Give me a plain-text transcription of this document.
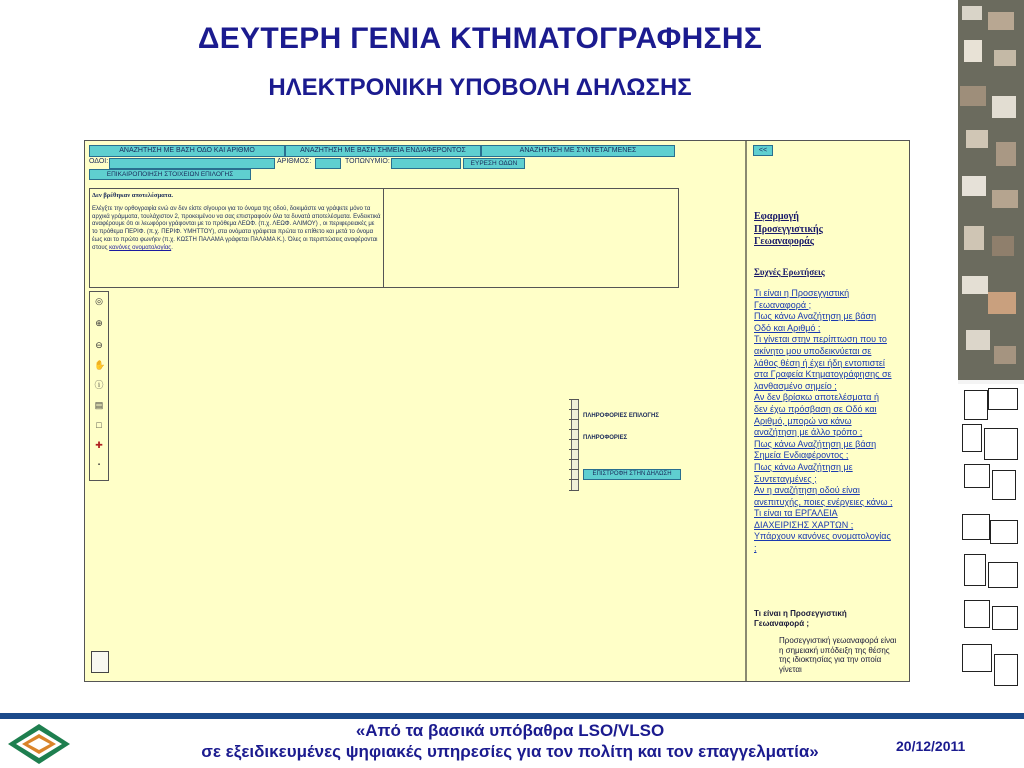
ΔΕΥΤΕΡΗ ΓΕΝΙΑ ΚΤΗΜΑΤΟΓΡΑΦΗΣΗΣ
ΗΛΕΚΤΡΟΝΙΚΗ ΥΠΟΒΟΛΗ ΔΗΛΩΣΗΣ
ΑΝΑΖΗΤΗΣΗ ΜΕ ΒΑΣΗ ΟΔΟ ΚΑΙ ΑΡΙΘΜΟ	ΑΝΑΖΗΤΗΣΗ ΜΕ ΒΑΣΗ ΣΗΜΕΙΑ ΕΝΔΙΑΦΕΡΟΝΤΟΣ	ΑΝΑΖΗΤΗΣΗ ΜΕ ΣΥΝΤΕΤΑΓΜΕΝΕΣ
ΟΔΟΙ:	ΑΡΙΘΜΟΣ:	ΤΟΠΩΝΥΜΙΟ:	ΕΥΡΕΣΗ ΟΔΩΝ
ΕΠΙΚΑΙΡΟΠΟΙΗΣΗ ΣΤΟΙΧΕΙΩΝ ΕΠΙΛΟΓΗΣ
Δεν βρέθηκαν αποτελέσματα.
Ελέγξτε την ορθογραφία ενώ αν δεν είστε σίγουροι για το όνομα της οδού, δοκιμάστε να γράψετε μόνο τα αρχικά γράμματα, τουλάχιστον 2, προκειμένου να σας επιστραφούν όλα τα δυνατά αποτελέσματα. Ενδεικτικά αναφέρουμε ότι οι λεωφόροι γράφονται με το πρόθεμα ΛΕΩΦ. (π.χ. ΛΕΩΦ. ΑΛΙΜΟΥ) , οι περιφερειακές με το πρόθεμα ΠΕΡΙΦ. (π.χ. ΠΕΡΙΦ. ΥΜΗΤΤΟΥ), στα ονόματα γράφεται πρώτα το επίθετο και μετά το όνομα έως και το πρώτο φωνήεν (π.χ. ΚΩΣΤΗ ΠΑΛΑΜΑ γράφεται ΠΑΛΑΜΑ Κ.). Όλες οι περιπτώσεις αναφέρονται στους κανόνες ονοματολογίας.
◎
⊕
⊖
✋
ⓘ
▤
□
✚
▪
ΠΛΗΡΟΦΟΡΙΕΣ ΕΠΙΛΟΓΗΣ
ΠΛΗΡΟΦΟΡΙΕΣ
ΕΠΙΣΤΡΟΦΗ ΣΤΗΝ ΔΗΛΩΣΗ
<<
Εφαρμογή Προσεγγιστικής Γεωαναφοράς
Συχνές Ερωτήσεις
Τι είναι η Προσεγγιστική Γεωαναφορά ;
Πως κάνω Αναζήτηση με βάση Οδό και Αριθμό ;
Τι γίνεται στην περίπτωση που το ακίνητο μου υποδεικνύεται σε λάθος θέση ή έχει ήδη εντοπιστεί στα Γραφεία Κτηματογράφησης σε λανθασμένο σημείο ;
Αν δεν βρίσκω αποτελέσματα ή δεν έχω πρόσβαση σε Οδό και Αριθμό, μπορώ να κάνω αναζήτηση με άλλο τρόπο ;
Πως κάνω Αναζήτηση με βάση Σημεία Ενδιαφέροντος ;
Πως κάνω Αναζήτηση με Συντεταγμένες ;
Αν η αναζήτηση οδού είναι ανεπιτυχής, ποιες ενέργειες κάνω ;
Τι είναι τα ΕΡΓΑΛΕΙΑ ΔΙΑΧΕΙΡΙΣΗΣ ΧΑΡΤΩΝ ;
Υπάρχουν κανόνες ονοματολογίας ;
Τι είναι η Προσεγγιστική Γεωαναφορά ;
Προσεγγιστική γεωαναφορά είναι η σημειακή υπόδειξη της θέσης της ιδιοκτησίας για την οποία γίνεται
«Από τα βασικά υπόβαθρα LSO/VLSO
σε εξειδικευμένες ψηφιακές υπηρεσίες για τον πολίτη και τον επαγγελματία»	20/12/2011
